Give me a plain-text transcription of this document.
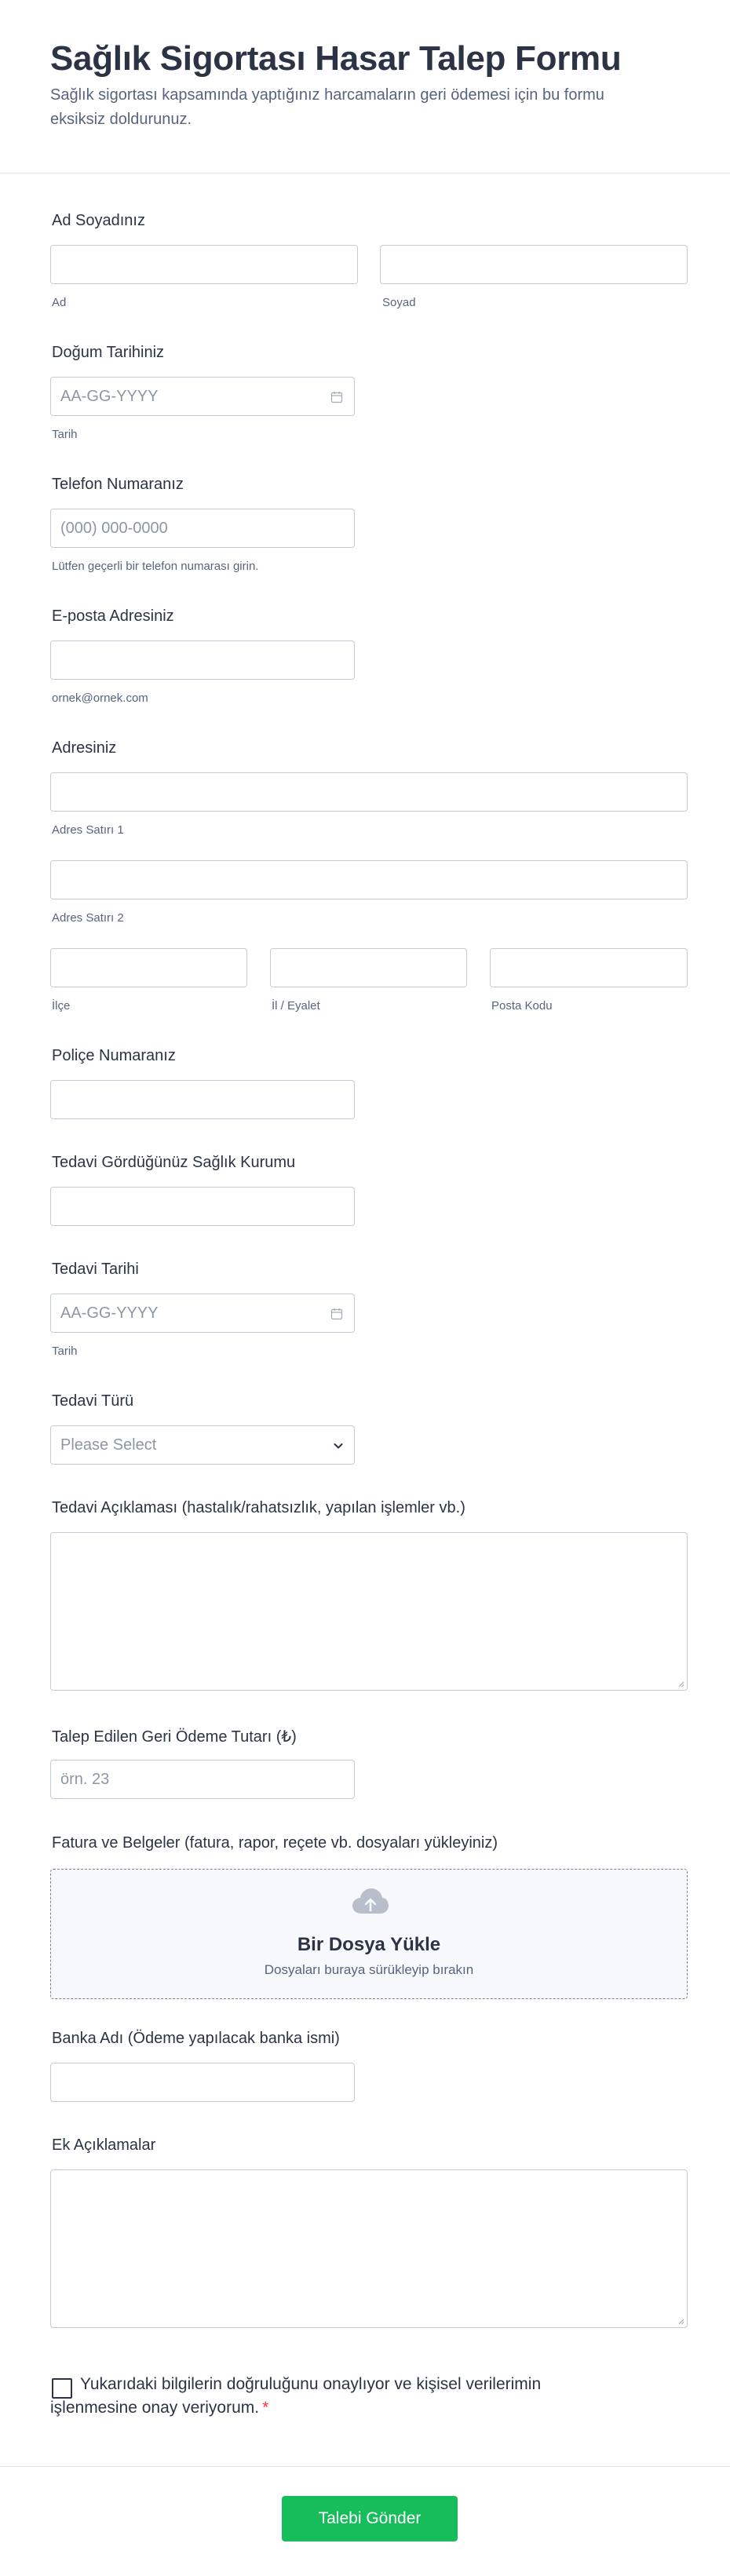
Sağlık Sigortası Hasar Talep Formu

Sağlık sigortası kapsamında yaptığınız harcamaların geri ödemesi için bu formu eksiksiz doldurunuz.

Ad Soyadınız
Ad	Soyad
Doğum Tarihiniz
AA-GG-YYYY
Tarih
Telefon Numaranız
(000) 000-0000
Lütfen geçerli bir telefon numarası girin.
E-posta Adresiniz
ornek@ornek.com
Adresiniz
Adres Satırı 1
Adres Satırı 2
İlçe	İl / Eyalet	Posta Kodu
Poliçe Numaranız
Tedavi Gördüğünüz Sağlık Kurumu
Tedavi Tarihi
AA-GG-YYYY
Tarih
Tedavi Türü
Please Select
Tedavi Açıklaması (hastalık/rahatsızlık, yapılan işlemler vb.)
Talep Edilen Geri Ödeme Tutarı (₺)
örn. 23
Fatura ve Belgeler (fatura, rapor, reçete vb. dosyaları yükleyiniz)
Bir Dosya Yükle
Dosyaları buraya sürükleyip bırakın
Banka Adı (Ödeme yapılacak banka ismi)
Ek Açıklamalar
Yukarıdaki bilgilerin doğruluğunu onaylıyor ve kişisel verilerimin işlenmesine onay veriyorum. *
Talebi Gönder
